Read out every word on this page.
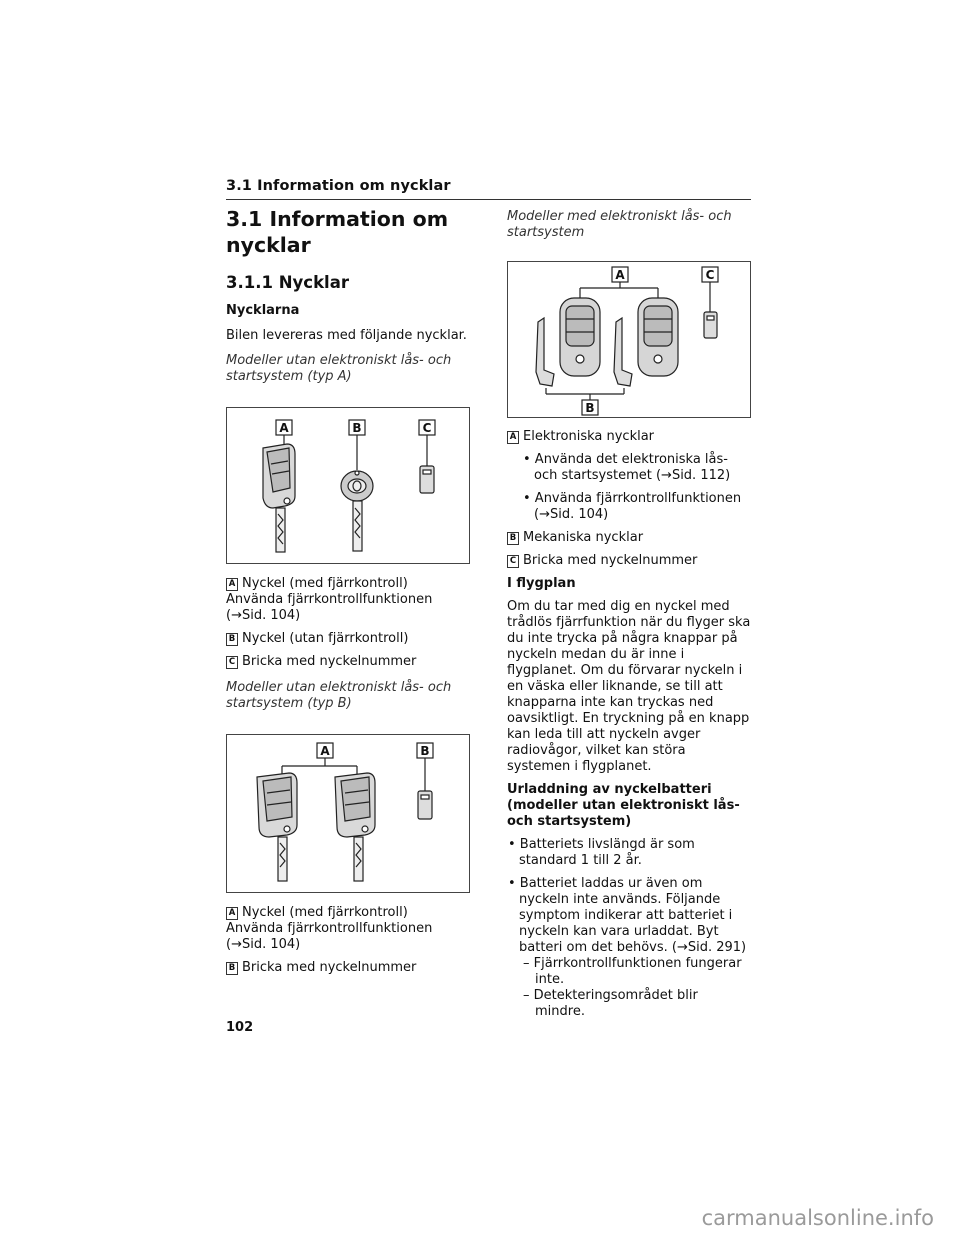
3.1 Information om nycklar
3.1 Information om nycklar
3.1.1 Nycklar

Nycklarna

Bilen levereras med följande nycklar.

Modeller utan elektroniskt lås- och startsystem (typ A)

A	B	C
A Nyckel (med fjärrkontroll)
Använda fjärrkontrollfunktionen (→Sid. 104)
B Nyckel (utan fjärrkontroll)
C Bricka med nyckelnummer

Modeller utan elektroniskt lås- och startsystem (typ B)

A	B
A Nyckel (med fjärrkontroll)
Använda fjärrkontrollfunktionen (→Sid. 104)
B Bricka med nyckelnummer

Modeller med elektroniskt lås- och startsystem

A	C
B
A Elektroniska nycklar
• Använda det elektroniska lås- och startsystemet (→Sid. 112)
• Använda fjärrkontrollfunktionen (→Sid. 104)
B Mekaniska nycklar
C Bricka med nyckelnummer

I flygplan

Om du tar med dig en nyckel med trådlös fjärrfunktion när du flyger ska du inte trycka på några knappar på nyckeln medan du är inne i flygplanet. Om du förvarar nyckeln i en väska eller liknande, se till att knapparna inte kan tryckas ned oavsiktligt. En tryckning på en knapp kan leda till att nyckeln avger radiovågor, vilket kan störa systemen i flygplanet.

Urladdning av nyckelbatteri (modeller utan elektroniskt lås- och startsystem)

• Batteriets livslängd är som standard 1 till 2 år.
• Batteriet laddas ur även om nyckeln inte används. Följande symptom indikerar att batteriet i nyckeln kan vara urladdat. Byt batteri om det behövs. (→Sid. 291)
– Fjärrkontrollfunktionen fungerar inte.
– Detekteringsområdet blir mindre.
102
carmanualsonline.info
